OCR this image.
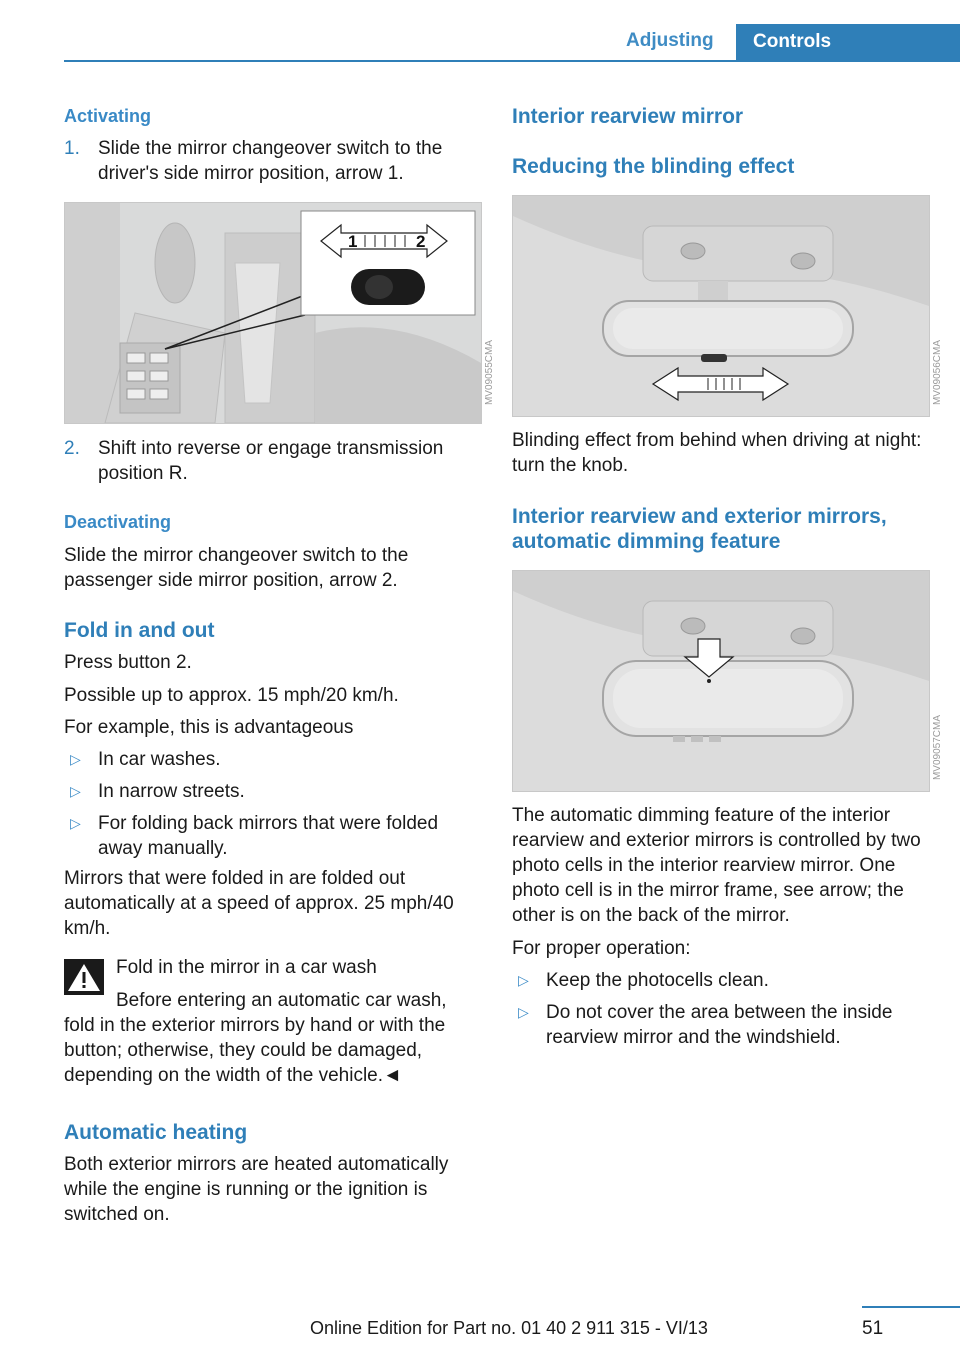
Adjusting	Controls
Activating
1. Slide the mirror changeover switch to the driver's side mirror position, arrow 1.

1	2
MV09055CMA
2. Shift into reverse or engage transmission position R.

Deactivating

Slide the mirror changeover switch to the passenger side mirror position, arrow 2.

Fold in and out

Press button 2.

Possible up to approx. 15 mph/20 km/h.

For example, this is advantageous

▷ In car washes.

▷ In narrow streets.

▷ For folding back mirrors that were folded away manually.

Mirrors that were folded in are folded out automatically at a speed of approx. 25 mph/40 km/h.

Fold in the mirror in a car wash

Before entering an automatic car wash, fold in the exterior mirrors by hand or with the button; otherwise, they could be damaged, depending on the width of the vehicle.◄

Automatic heating

Both exterior mirrors are heated automatically while the engine is running or the ignition is switched on.

Interior rearview mirror
Reducing the blinding effect
MV09056CMA

Blinding effect from behind when driving at night: turn the knob.

Interior rearview and exterior mirrors, automatic dimming feature
MV09057CMA

The automatic dimming feature of the interior rearview and exterior mirrors is controlled by two photo cells in the interior rearview mirror. One photo cell is in the mirror frame, see arrow; the other is on the back of the mirror.

For proper operation:

▷ Keep the photocells clean.

▷ Do not cover the area between the inside rearview mirror and the windshield.

51
Online Edition for Part no. 01 40 2 911 315 - VI/13
